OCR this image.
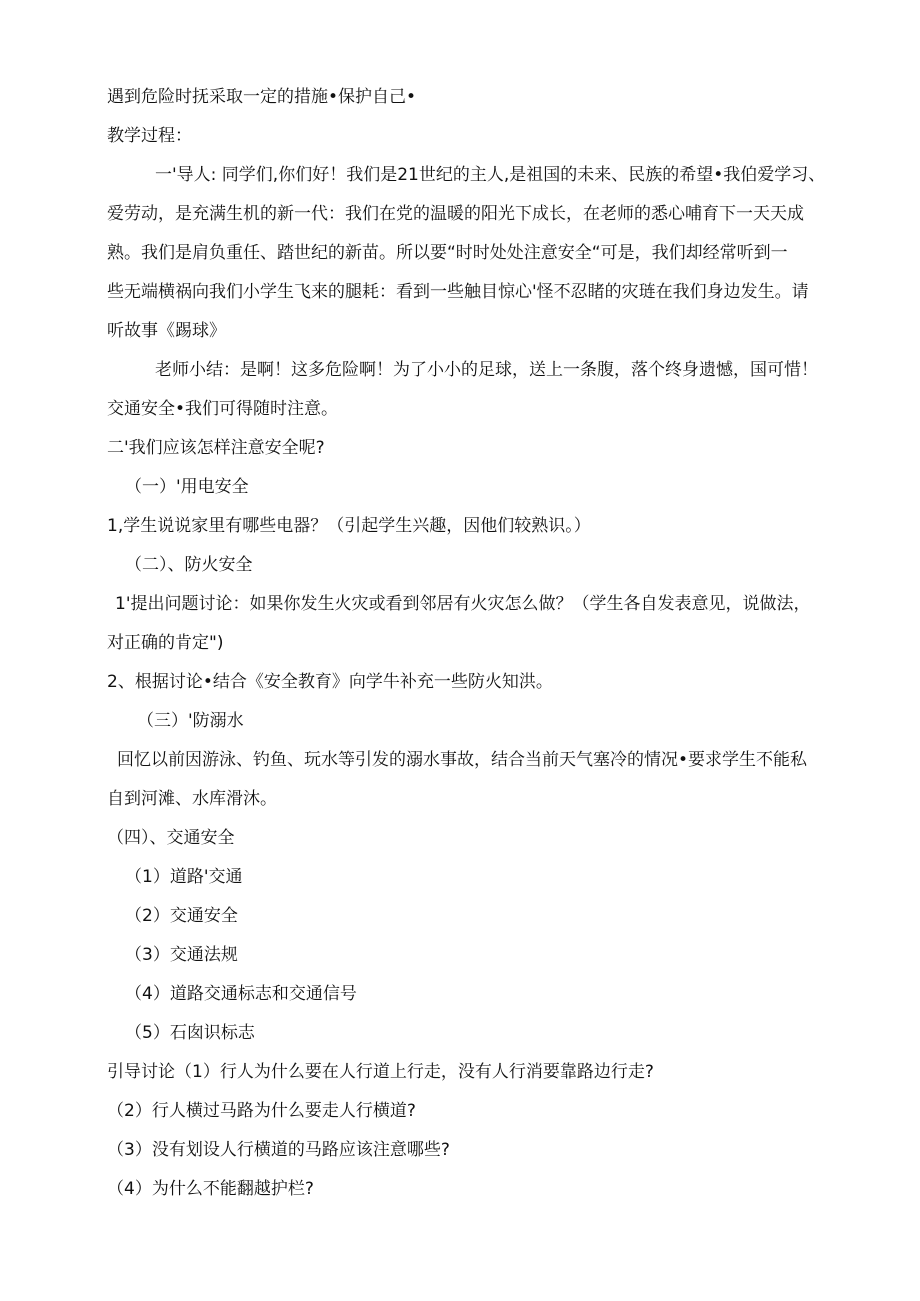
遇到危险时抚采取一定的措施•保护自己•
教学过程：
一'导人: 同学们,你们好！我们是21世纪的主人,是祖国的未来、民族的希望•我伯爱学习、
爱劳动，是充满生机的新一代：我们在党的温暖的阳光下成长，在老师的悉心哺育下一天天成
熟。我们是肩负重任、踏世纪的新苗。所以要“时时处处注意安全“可是，我们却经常听到一
些无端横祸向我们小学生飞来的腿耗：看到一些触目惊心'怪不忍睹的灾琏在我们身边发生。请
听故事《踢球》
老师小结：是啊！这多危险啊！为了小小的足球，送上一条腹，落个终身遗憾，国可惜！
交通安全•我们可得随时注意。
二'我们应该怎样注意安全呢?
（一）'用电安全
1,学生说说家里有哪些电器？（引起学生兴趣，因他们较熟识。）
（二）、防火安全
1'提出问题讨论：如果你发生火灾或看到邻居有火灾怎么做？（学生各自发表意见，说做法，
对正确的肯定")
2、根据讨论•结合《安全教育》向学牛补充一些防火知洪。
（三）'防溺水
回忆以前因游泳、钓鱼、玩水等引发的溺水事故，结合当前天气塞冷的情况•要求学生不能私
自到河滩、水库滑沐。
（四）、交通安全
（1）道路'交通
（2）交通安全
（3）交通法规
（4）道路交通标志和交通信号
（5）石囱识标志
引导讨论（1）行人为什么要在人行道上行走，没有人行消要靠路边行走?
（2）行人横过马路为什么要走人行横道?
（3）没有划设人行横道的马路应该注意哪些?
（4）为什么不能翻越护栏?
